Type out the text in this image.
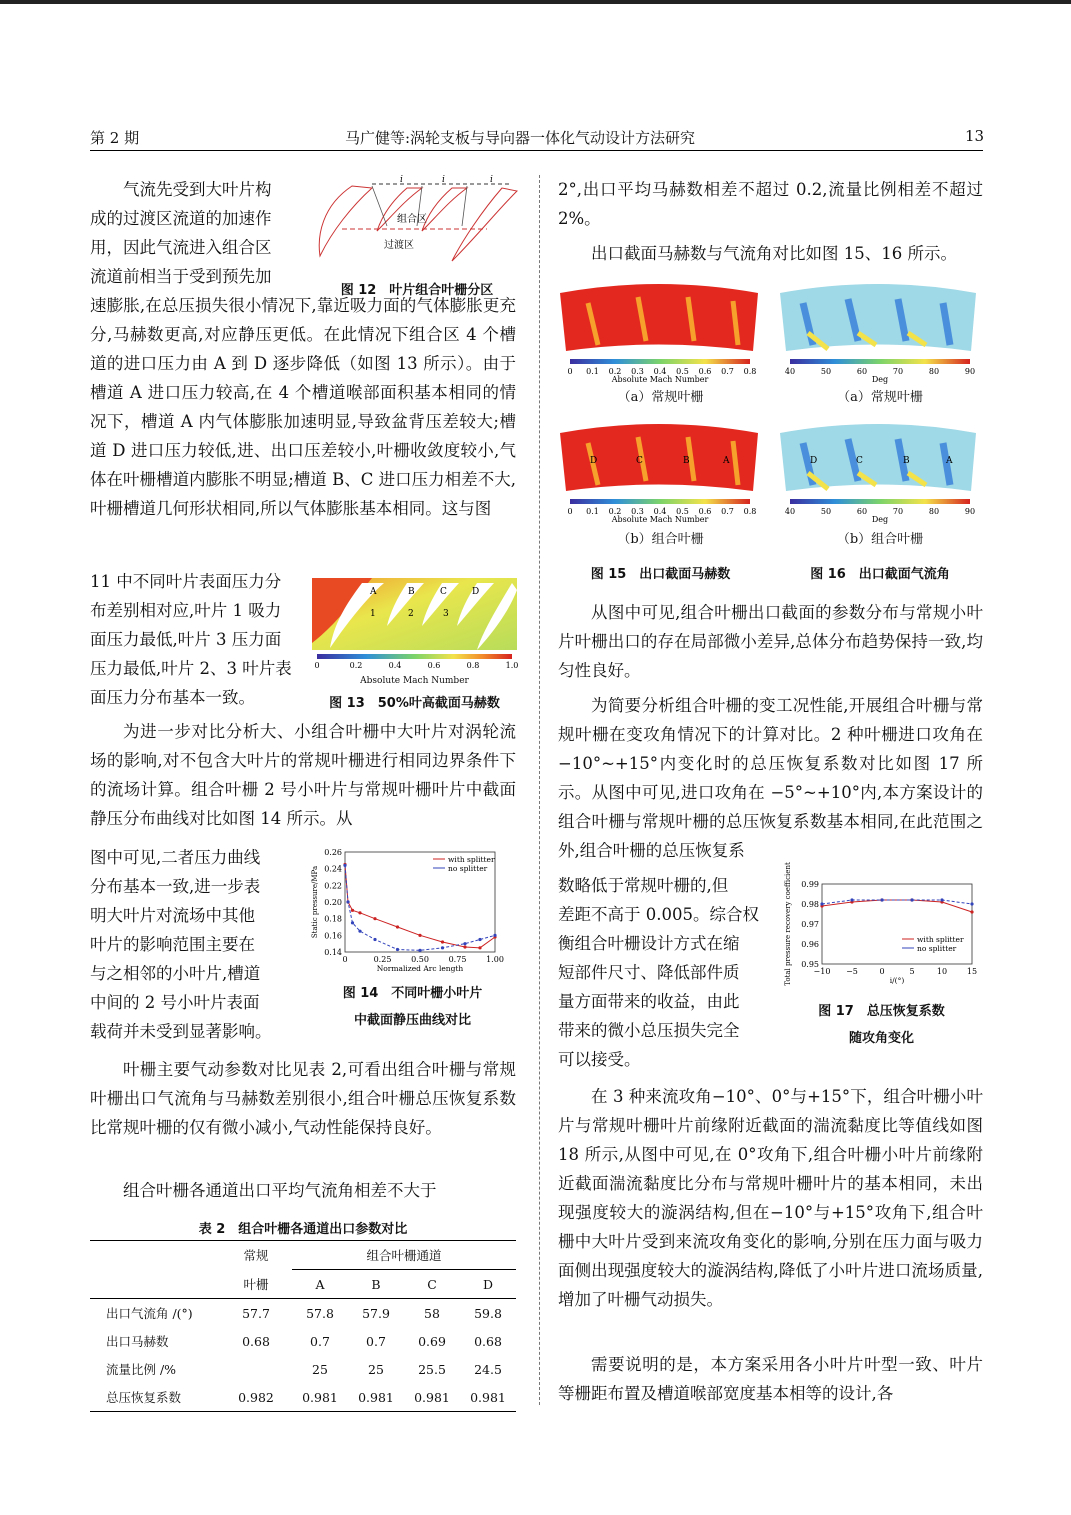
第 2 期	马广健等:涡轮支板与导向器一体化气动设计方法研究	13
气流先受到大叶片构
成的过渡区流道的加速作
用，因此气流进入组合区
流道前相当于受到预先加
i	i	i
组合区
过渡区
图 12　叶片组合叶栅分区

速膨胀,在总压损失很小情况下,靠近吸力面的气体膨胀更充分,马赫数更高,对应静压更低。在此情况下组合区 4 个槽道的进口压力由 A 到 D 逐步降低（如图 13 所示）。由于槽道 A 进口压力较高,在 4 个槽道喉部面积基本相同的情况下，槽道 A 内气体膨胀加速明显,导致盆背压差较大;槽道 D 进口压力较低,进、出口压差较小,叶栅收敛度较小,气体在叶栅槽道内膨胀不明显;槽道 B、C 进口压力相差不大,叶栅槽道几何形状相同,所以气体膨胀基本相同。这与图

11 中不同叶片表面压力分
布差别相对应,叶片 1 吸力
面压力最低,叶片 3 压力面
压力最低,叶片 2、3 叶片表
面压力分布基本一致。
A	B	C	D
1	2	3
0	0.2	0.4	0.6	0.8	1.0
Absolute Mach Number
图 13　50%叶高截面马赫数

为进一步对比分析大、小组合叶栅中大叶片对涡轮流场的影响,对不包含大叶片的常规叶栅进行相同边界条件下的流场计算。组合叶栅 2 号小叶片与常规叶栅叶片中截面静压分布曲线对比如图 14 所示。从

图中可见,二者压力曲线
分布基本一致,进一步表
明大叶片对流场中其他
叶片的影响范围主要在
与之相邻的小叶片,槽道
中间的 2 号小叶片表面
载荷并未受到显著影响。
0.14
0.16
0.18
0.20
0.22
0.24
0.26
0	0.25 0.50 0.75 1.00
Normalized Arc length
Static pressure/MPa
with splitter
no splitter
图 14　不同叶栅小叶片
中截面静压曲线对比

叶栅主要气动参数对比见表 2,可看出组合叶栅与常规叶栅出口气流角与马赫数差别很小,组合叶栅总压恢复系数比常规叶栅的仅有微小减小,气动性能保持良好。

组合叶栅各通道出口平均气流角相差不大于

表 2　组合叶栅各通道出口参数对比
	常规	组合叶栅通道			
	叶栅	A	B	C	D
出口气流角 /(°)	57.7	57.8	57.9	58	59.8
出口马赫数	0.68	0.7	0.7	0.69	0.68
流量比例 /%		25	25	25.5	24.5
总压恢复系数	0.982	0.981	0.981	0.981	0.981

2°,出口平均马赫数相差不超过 0.2,流量比例相差不超过 2%。

出口截面马赫数与气流角对比如图 15、16 所示。

0 0.1 0.2 0.3 0.4 0.5 0.6 0.7 0.8	40	50	60	70	80	90
0 0.1 0.2 0.3 0.4 0.5 0.6 0.7 0.8	40	50	60	70	80	90
Absolute Mach Number
Absolute Mach Number
Deg
Deg
D	C	B	A	D	C	B	A
（a）常规叶栅	（a）常规叶栅
（b）组合叶栅	（b）组合叶栅
图 15　出口截面马赫数	图 16　出口截面气流角

从图中可见,组合叶栅出口截面的参数分布与常规小叶片叶栅出口的存在局部微小差异,总体分布趋势保持一致,均匀性良好。

为简要分析组合叶栅的变工况性能,开展组合叶栅与常规叶栅在变攻角情况下的计算对比。2 种叶栅进口攻角在 −10°~+15°内变化时的总压恢复系数对比如图 17 所示。从图中可见,进口攻角在 −5°~+10°内,本方案设计的组合叶栅与常规叶栅的总压恢复系数基本相同,在此范围之外,组合叶栅的总压恢复系

数略低于常规叶栅的,但
差距不高于 0.005。综合权
衡组合叶栅设计方式在缩
短部件尺寸、降低部件质
量方面带来的收益，由此
带来的微小总压损失完全
可以接受。
0.95
0.96
0.97
0.98
0.99
−10 −5	0	5	10 15
i/(°)
Total pressure recovery coefficient	with splitter
no splitter
图 17　总压恢复系数
随攻角变化

在 3 种来流攻角−10°、0°与+15°下，组合叶栅小叶片与常规叶栅叶片前缘附近截面的湍流黏度比等值线如图 18 所示,从图中可见,在 0°攻角下,组合叶栅小叶片前缘附近截面湍流黏度比分布与常规叶栅叶片的基本相同，未出现强度较大的漩涡结构,但在−10°与+15°攻角下,组合叶栅中大叶片受到来流攻角变化的影响,分别在压力面与吸力面侧出现强度较大的漩涡结构,降低了小叶片进口流场质量,增加了叶栅气动损失。

需要说明的是，本方案采用各小叶片叶型一致、叶片等栅距布置及槽道喉部宽度基本相等的设计,各
